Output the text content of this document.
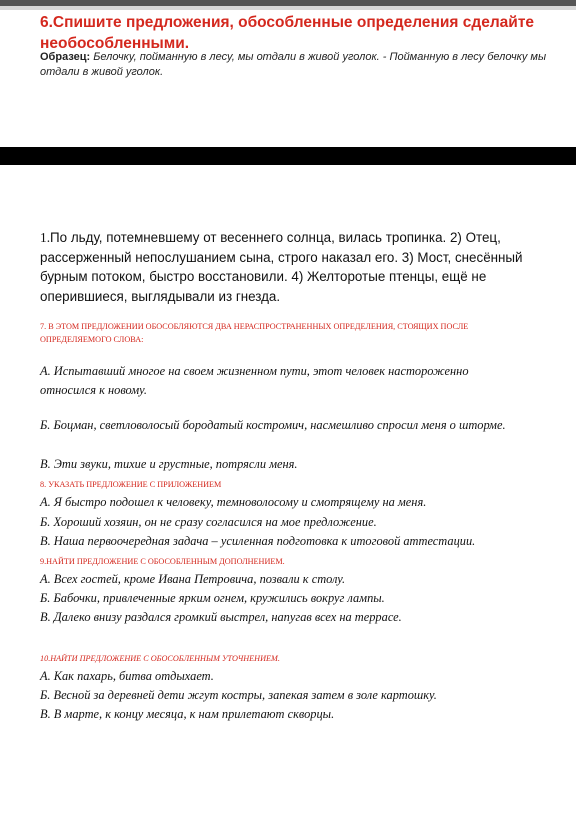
6.Спишите предложения, обособленные определения сделайте необособленными.
Образец: Белочку, пойманную в лесу, мы отдали в живой уголок. - Пойманную в лесу белочку мы отдали в живой уголок.
1.По льду, потемневшему от весеннего солнца, вилась тропинка. 2) Отец, рассерженный непослушанием сына, строго наказал его. 3) Мост, снесённый бурным потоком, быстро восстановили. 4) Желторотые птенцы, ещё не оперившиеся, выглядывали из гнезда.
7. В ЭТОМ ПРЕДЛОЖЕНИИ ОБОСОБЛЯЮТСЯ ДВА НЕРАСПРОСТРАНЕННЫХ ОПРЕДЕЛЕНИЯ, СТОЯЩИХ ПОСЛЕ ОПРЕДЕЛЯЕМОГО СЛОВА:
А. Испытавший многое на своем жизненном пути, этот человек настороженно относился к новому.
Б. Боцман, светловолосый бородатый костромич, насмешливо спросил меня о шторме.
В. Эти звуки, тихие и грустные, потрясли меня.
8. УКАЗАТЬ ПРЕДЛОЖЕНИЕ С ПРИЛОЖЕНИЕМ
А. Я быстро подошел к человеку, темноволосому и смотрящему на меня.
Б. Хороший хозяин, он не сразу согласился на мое предложение.
В. Наша первоочередная задача – усиленная подготовка к итоговой аттестации.
9.НАЙТИ ПРЕДЛОЖЕНИЕ С ОБОСОБЛЕННЫМ ДОПОЛНЕНИЕМ.
А. Всех гостей, кроме Ивана Петровича, позвали к столу.
Б. Бабочки, привлеченные ярким огнем, кружились вокруг лампы.
В. Далеко внизу раздался громкий выстрел, напугав всех на террасе.
10.НАЙТИ ПРЕДЛОЖЕНИЕ С ОБОСОБЛЕННЫМ УТОЧНЕНИЕМ.
А. Как пахарь, битва отдыхает.
Б. Весной за деревней дети жгут костры, запекая затем в золе картошку.
В. В марте, к концу месяца, к нам прилетают скворцы.
